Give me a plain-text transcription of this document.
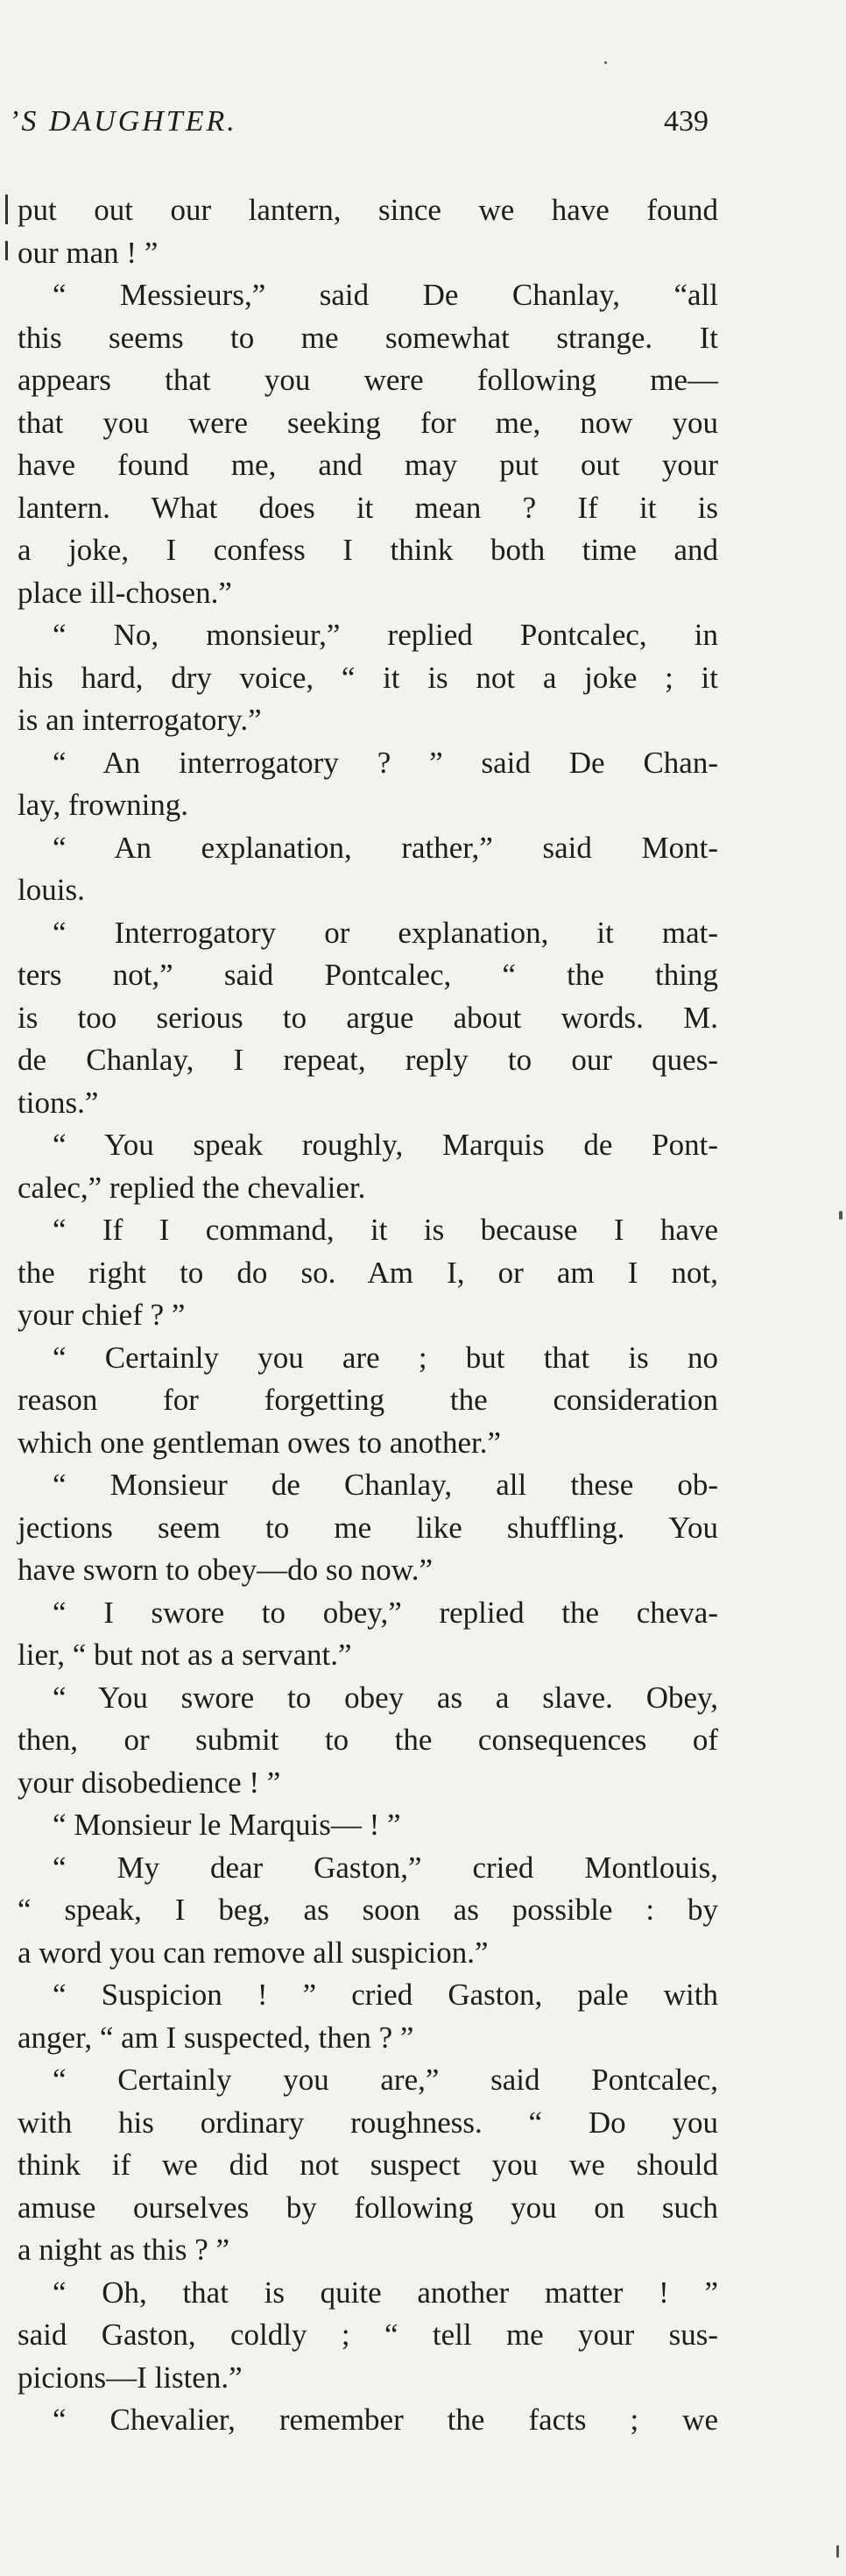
’S DAUGHTER.	439
put out our lantern, since we have found
our man ! ”
“ Messieurs,” said De Chanlay, “all
this seems to me somewhat strange. It
appears that you were following me—
that you were seeking for me, now you
have found me, and may put out your
lantern. What does it mean ? If it is
a joke, I confess I think both time and
place ill-chosen.”
“ No, monsieur,” replied Pontcalec, in
his hard, dry voice, “ it is not a joke ; it
is an interrogatory.”
“ An interrogatory ? ” said De Chan-
lay, frowning.
“ An explanation, rather,” said Mont-
louis.
“ Interrogatory or explanation, it mat-
ters not,” said Pontcalec, “ the thing
is too serious to argue about words. M.
de Chanlay, I repeat, reply to our ques-
tions.”
“ You speak roughly, Marquis de Pont-
calec,” replied the chevalier.
“ If I command, it is because I have
the right to do so. Am I, or am I not,
your chief ? ”
“ Certainly you are ; but that is no
reason for forgetting the consideration
which one gentleman owes to another.”
“ Monsieur de Chanlay, all these ob-
jections seem to me like shuffling. You
have sworn to obey—do so now.”
“ I swore to obey,” replied the cheva-
lier, “ but not as a servant.”
“ You swore to obey as a slave. Obey,
then, or submit to the consequences of
your disobedience ! ”
“ Monsieur le Marquis— ! ”
“ My dear Gaston,” cried Montlouis,
“ speak, I beg, as soon as possible : by
a word you can remove all suspicion.”
“ Suspicion ! ” cried Gaston, pale with
anger, “ am I suspected, then ? ”
“ Certainly you are,” said Pontcalec,
with his ordinary roughness. “ Do you
think if we did not suspect you we should
amuse ourselves by following you on such
a night as this ? ”
“ Oh, that is quite another matter ! ”
said Gaston, coldly ; “ tell me your sus-
picions—I listen.”
“ Chevalier, remember the facts ; we
